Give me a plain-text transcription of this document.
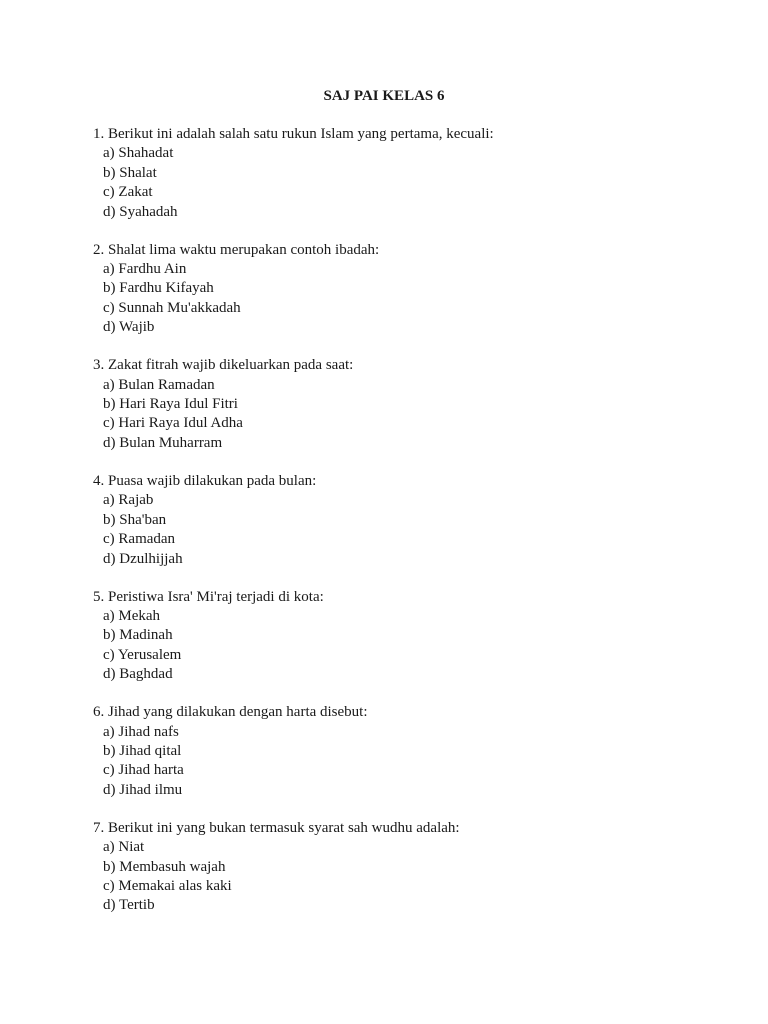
SAJ PAI KELAS 6
1. Berikut ini adalah salah satu rukun Islam yang pertama, kecuali:
a) Shahadat
b) Shalat
c) Zakat
d) Syahadah
2. Shalat lima waktu merupakan contoh ibadah:
a) Fardhu Ain
b) Fardhu Kifayah
c) Sunnah Mu'akkadah
d) Wajib
3. Zakat fitrah wajib dikeluarkan pada saat:
a) Bulan Ramadan
b) Hari Raya Idul Fitri
c) Hari Raya Idul Adha
d) Bulan Muharram
4. Puasa wajib dilakukan pada bulan:
a) Rajab
b) Sha'ban
c) Ramadan
d) Dzulhijjah
5. Peristiwa Isra' Mi'raj terjadi di kota:
a) Mekah
b) Madinah
c) Yerusalem
d) Baghdad
6. Jihad yang dilakukan dengan harta disebut:
a) Jihad nafs
b) Jihad qital
c) Jihad harta
d) Jihad ilmu
7. Berikut ini yang bukan termasuk syarat sah wudhu adalah:
a) Niat
b) Membasuh wajah
c) Memakai alas kaki
d) Tertib
